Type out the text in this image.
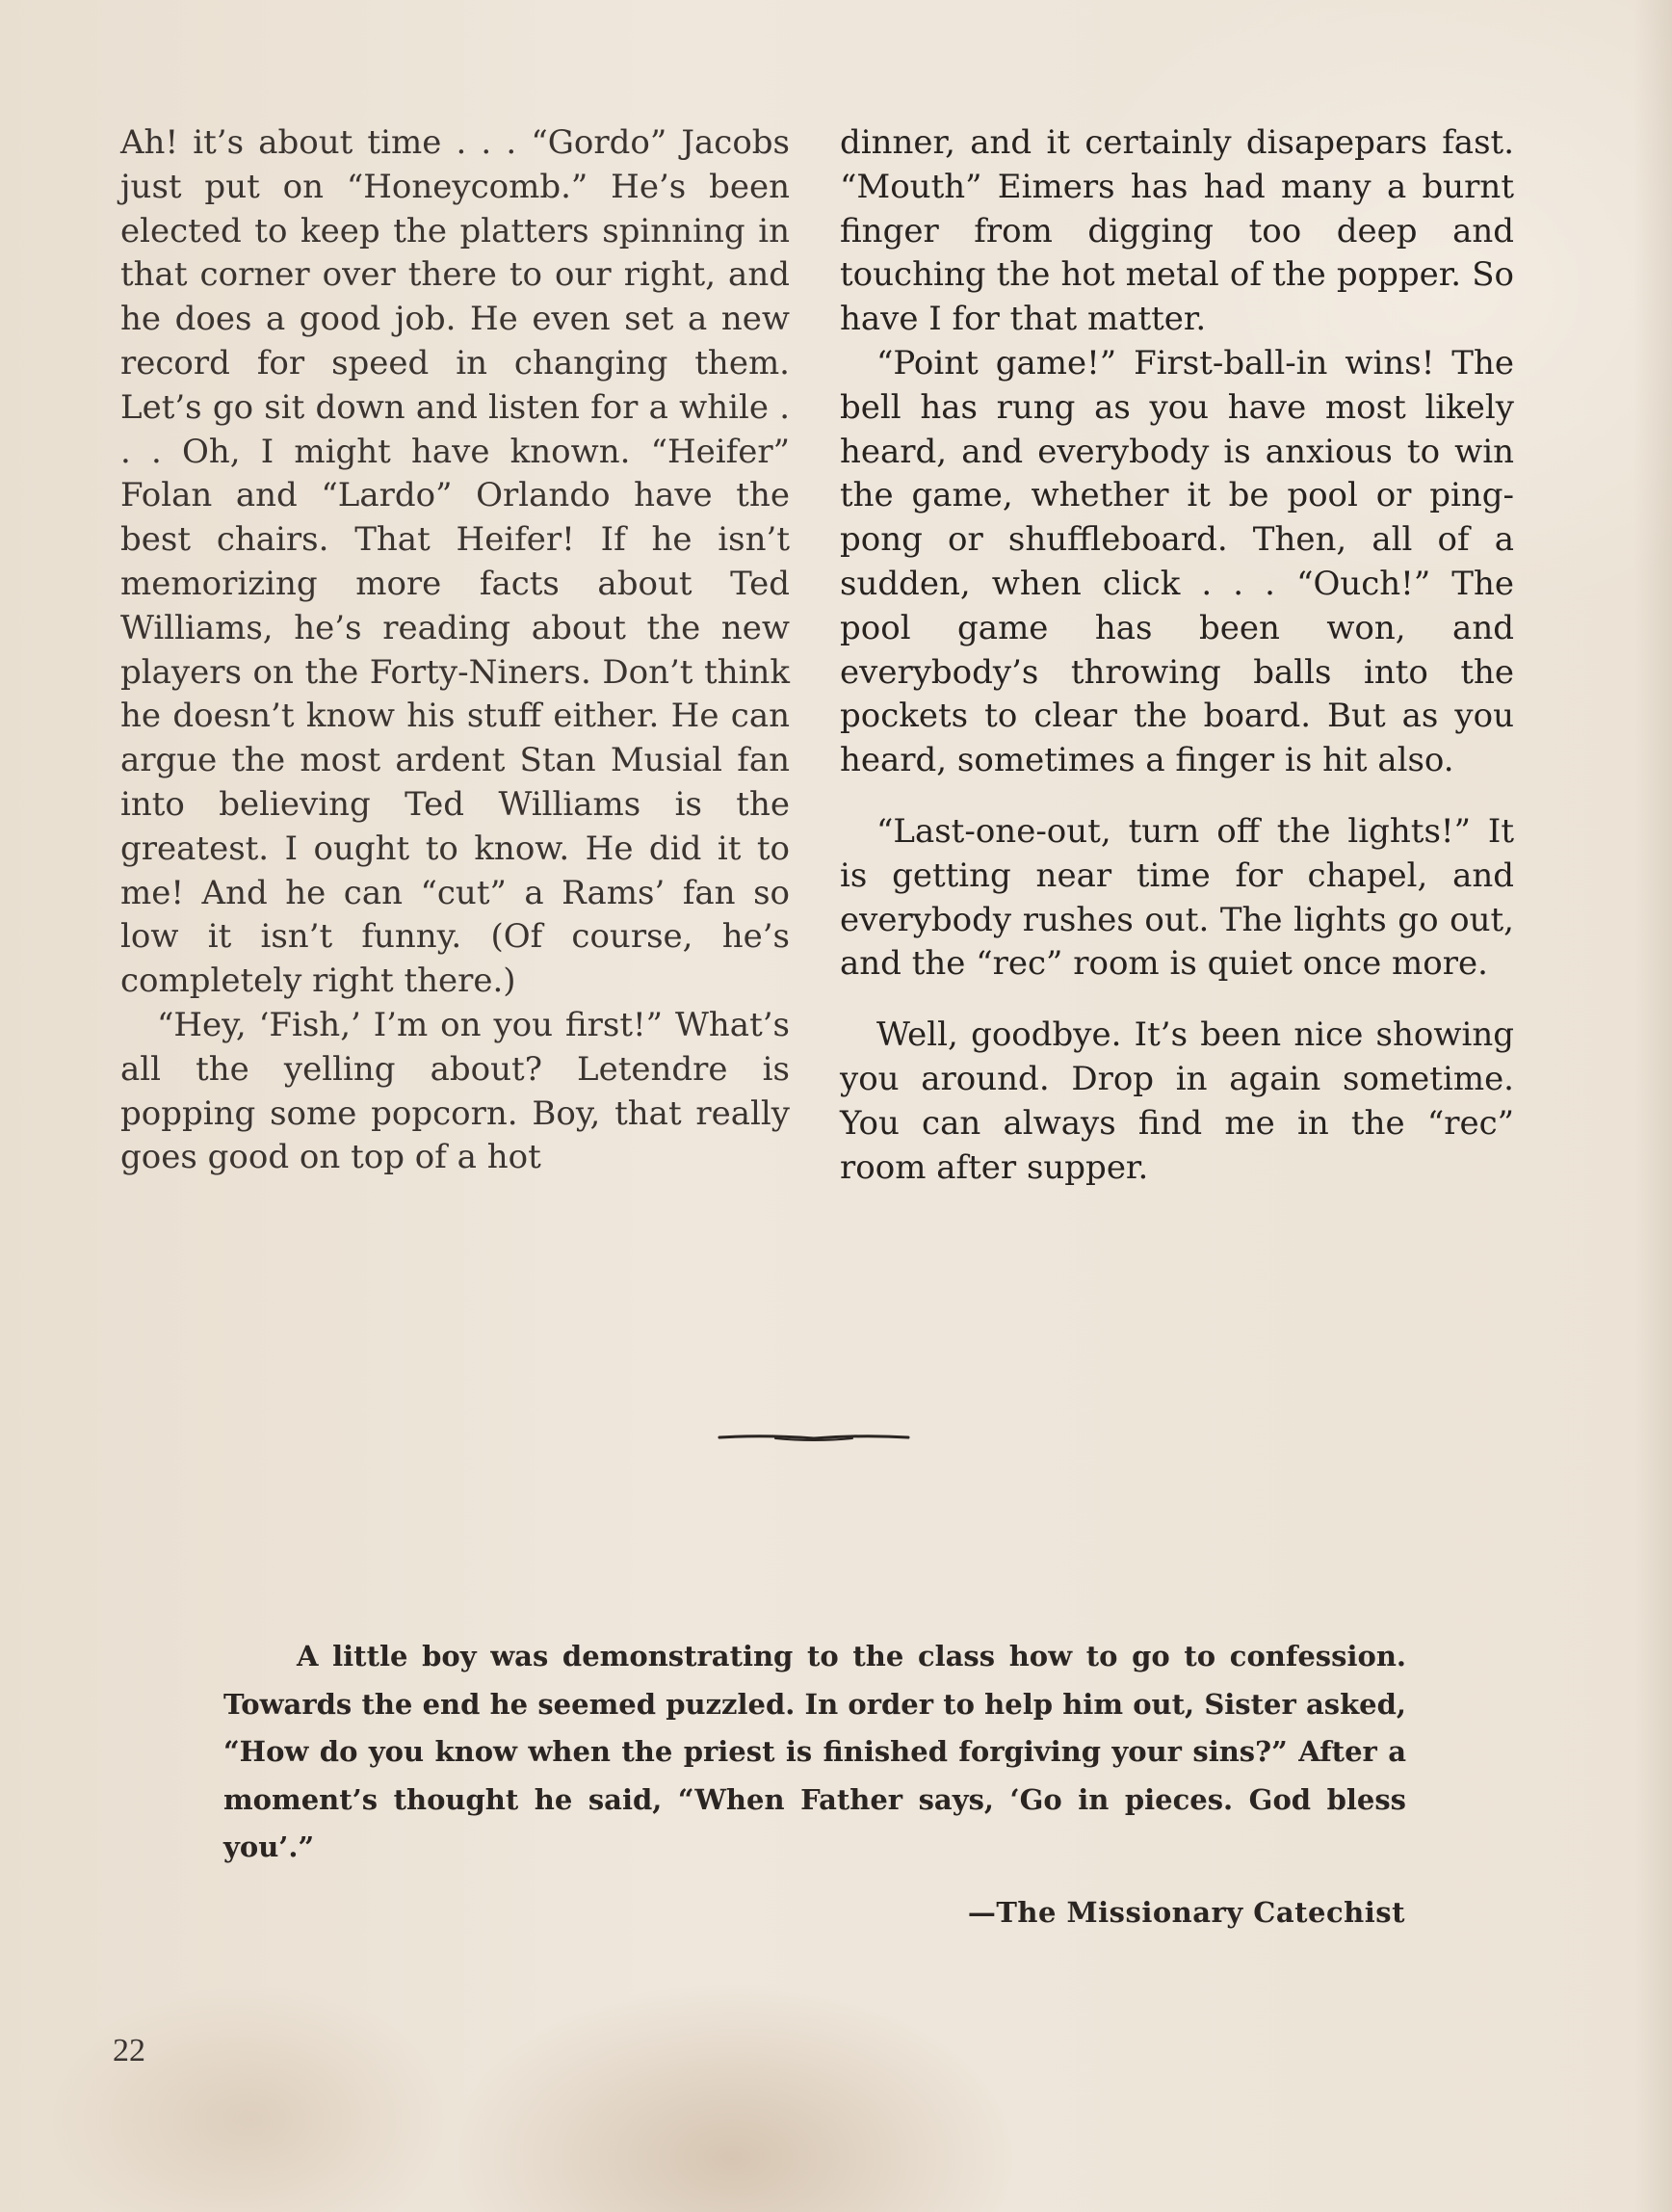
Ah! it’s about time . . . “Gordo” Jacobs just put on “Honeycomb.” He’s been elected to keep the platters spinning in that corner over there to our right, and he does a good job. He even set a new record for speed in changing them. Let’s go sit down and listen for a while . . . Oh, I might have known. “Heifer” Folan and “Lardo” Orlando have the best chairs. That Heifer! If he isn’t memorizing more facts about Ted Williams, he’s reading about the new players on the Forty-Niners. Don’t think he doesn’t know his stuff either. He can argue the most ardent Stan Musial fan into believing Ted Williams is the greatest. I ought to know. He did it to me! And he can “cut” a Rams’ fan so low it isn’t funny. (Of course, he’s completely right there.)

“Hey, ‘Fish,’ I’m on you first!” What’s all the yelling about? Letendre is popping some popcorn. Boy, that really goes good on top of a hot

dinner, and it certainly disapepars fast. “Mouth” Eimers has had many a burnt finger from digging too deep and touching the hot metal of the popper. So have I for that matter.

“Point game!” First-ball-in wins! The bell has rung as you have most likely heard, and everybody is anxious to win the game, whether it be pool or ping-pong or shuffleboard. Then, all of a sudden, when click . . . “Ouch!” The pool game has been won, and everybody’s throwing balls into the pockets to clear the board. But as you heard, sometimes a finger is hit also.

“Last-one-out, turn off the lights!” It is getting near time for chapel, and everybody rushes out. The lights go out, and the “rec” room is quiet once more.

Well, goodbye. It’s been nice showing you around. Drop in again sometime. You can always find me in the “rec” room after supper.

A little boy was demonstrating to the class how to go to confession. Towards the end he seemed puzzled. In order to help him out, Sister asked, “How do you know when the priest is finished forgiving your sins?” After a moment’s thought he said, “When Father says, ‘Go in pieces. God bless you’.”

—The Missionary Catechist
22
